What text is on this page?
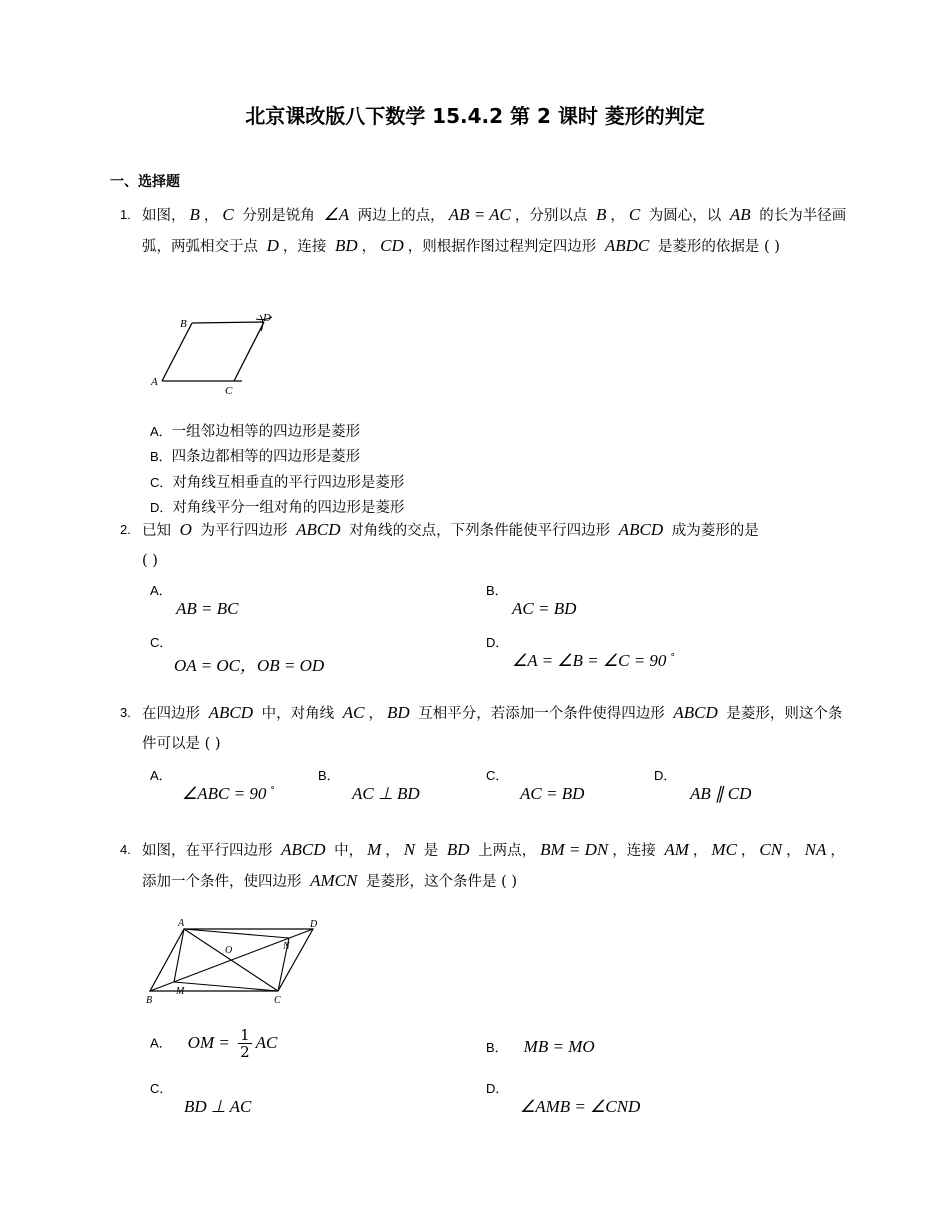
北京课改版八下数学 15.4.2 第 2 课时 菱形的判定
一、选择题
1. 如图， B ， C 分别是锐角 ∠A 两边上的点， AB = AC ，分别以点 B ， C 为圆心，以 AB 的长为半径画弧，两弧相交于点 D ，连接 BD ， CD ，则根据作图过程判定四边形 ABDC 是菱形的依据是 ( )
A
B
C
D
A．一组邻边相等的四边形是菱形
B．四条边都相等的四边形是菱形
C．对角线互相垂直的平行四边形是菱形
D．对角线平分一组对角的四边形是菱形
2. 已知 O 为平行四边形 ABCD 对角线的交点，下列条件能使平行四边形 ABCD 成为菱形的是
( )
A．
AB = BC
B．
AC = BD
C．
OA = OC，OB = OD
D．
∠A = ∠B = ∠C = 90 °
3. 在四边形 ABCD 中，对角线 AC ， BD 互相平分，若添加一个条件使得四边形 ABCD 是菱形，则这个条件可以是 ( )
A．
∠ABC = 90 °
B．
AC ⊥ BD
C．
AC = BD
D．
AB ∥ CD
4. 如图，在平行四边形 ABCD 中， M ， N 是 BD 上两点， BM = DN ，连接 AM ， MC ， CN ， NA ，添加一个条件，使四边形 AMCN 是菱形，这个条件是 ( )
A	D
O	N
B
M
C
A． OM = $\frac{1}{2}$ AC	B． MB = MO
C．
BD ⊥ AC
D．
∠AMB = ∠CND
